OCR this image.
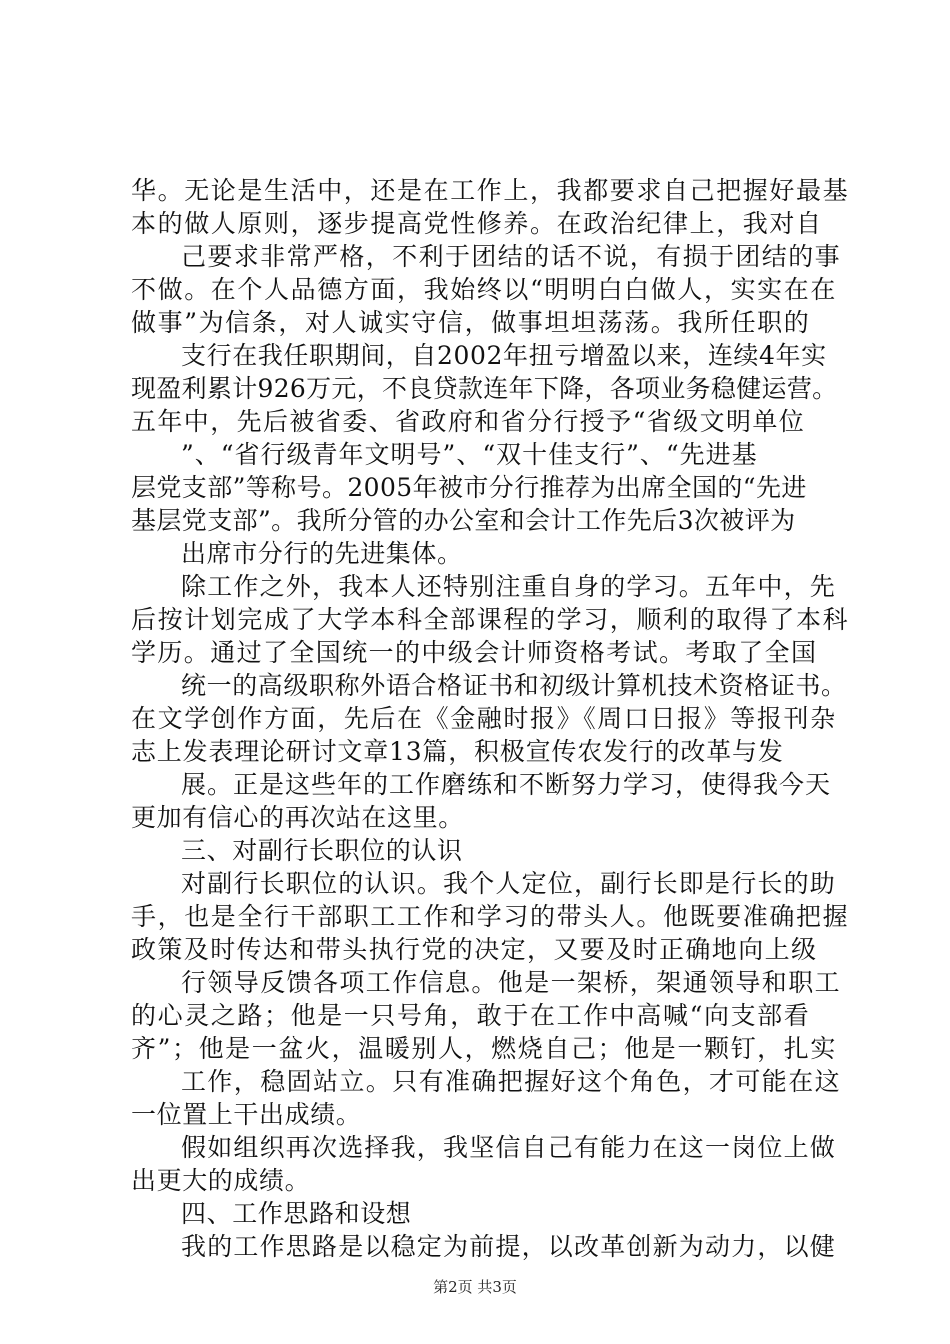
华。无论是生活中，还是在工作上，我都要求自己把握好最基
本的做人原则，逐步提高党性修养。在政治纪律上，我对自
己要求非常严格，不利于团结的话不说，有损于团结的事
不做。在个人品德方面，我始终以“明明白白做人，实实在在
做事”为信条，对人诚实守信，做事坦坦荡荡。我所任职的
支行在我任职期间，自2002年扭亏增盈以来，连续4年实
现盈利累计926万元，不良贷款连年下降，各项业务稳健运营。
五年中，先后被省委、省政府和省分行授予“省级文明单位
”、“省行级青年文明号”、“双十佳支行”、“先进基
层党支部”等称号。2005年被市分行推荐为出席全国的“先进
基层党支部”。我所分管的办公室和会计工作先后3次被评为
出席市分行的先进集体。
除工作之外，我本人还特别注重自身的学习。五年中，先
后按计划完成了大学本科全部课程的学习，顺利的取得了本科
学历。通过了全国统一的中级会计师资格考试。考取了全国
统一的高级职称外语合格证书和初级计算机技术资格证书。
在文学创作方面，先后在《金融时报》《周口日报》等报刊杂
志上发表理论研讨文章13篇，积极宣传农发行的改革与发
展。正是这些年的工作磨练和不断努力学习，使得我今天
更加有信心的再次站在这里。
三、对副行长职位的认识
对副行长职位的认识。我个人定位，副行长即是行长的助
手，也是全行干部职工工作和学习的带头人。他既要准确把握
政策及时传达和带头执行党的决定，又要及时正确地向上级
行领导反馈各项工作信息。他是一架桥，架通领导和职工
的心灵之路；他是一只号角，敢于在工作中高喊“向支部看
齐”；他是一盆火，温暖别人，燃烧自己；他是一颗钉，扎实
工作，稳固站立。只有准确把握好这个角色，才可能在这
一位置上干出成绩。
假如组织再次选择我，我坚信自己有能力在这一岗位上做
出更大的成绩。
四、工作思路和设想
我的工作思路是以稳定为前提，以改革创新为动力，以健
第2页 共3页
